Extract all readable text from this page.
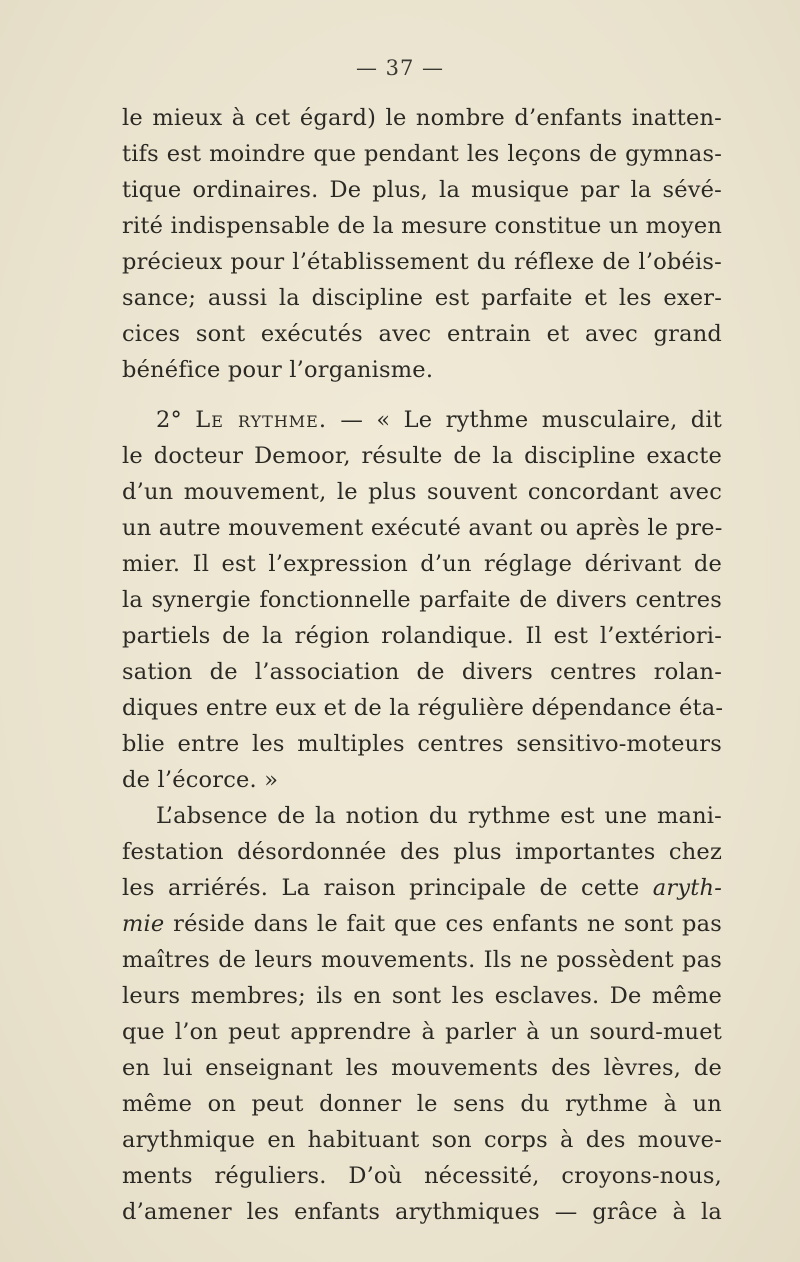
— 37 —
le mieux à cet égard) le nombre d’enfants inatten-
tifs est moindre que pendant les leçons de gymnas-
tique ordinaires. De plus, la musique par la sévé-
rité indispensable de la mesure constitue un moyen
précieux pour l’établissement du réflexe de l’obéis-
sance; aussi la discipline est parfaite et les exer-
cices sont exécutés avec entrain et avec grand
bénéfice pour l’organisme.
2° Le rythme. — « Le rythme musculaire, dit
le docteur Demoor, résulte de la discipline exacte
d’un mouvement, le plus souvent concordant avec
un autre mouvement exécuté avant ou après le pre-
mier. Il est l’expression d’un réglage dérivant de
la synergie fonctionnelle parfaite de divers centres
partiels de la région rolandique. Il est l’extériori-
sation de l’association de divers centres rolan-
diques entre eux et de la régulière dépendance éta-
blie entre les multiples centres sensitivo-moteurs
de l’écorce. »
L’absence de la notion du rythme est une mani-
festation désordonnée des plus importantes chez
les arriérés. La raison principale de cette aryth-
mie réside dans le fait que ces enfants ne sont pas
maîtres de leurs mouvements. Ils ne possèdent pas
leurs membres; ils en sont les esclaves. De même
que l’on peut apprendre à parler à un sourd-muet
en lui enseignant les mouvements des lèvres, de
même on peut donner le sens du rythme à un
arythmique en habituant son corps à des mouve-
ments réguliers. D’où nécessité, croyons-nous,
d’amener les enfants arythmiques — grâce à la
